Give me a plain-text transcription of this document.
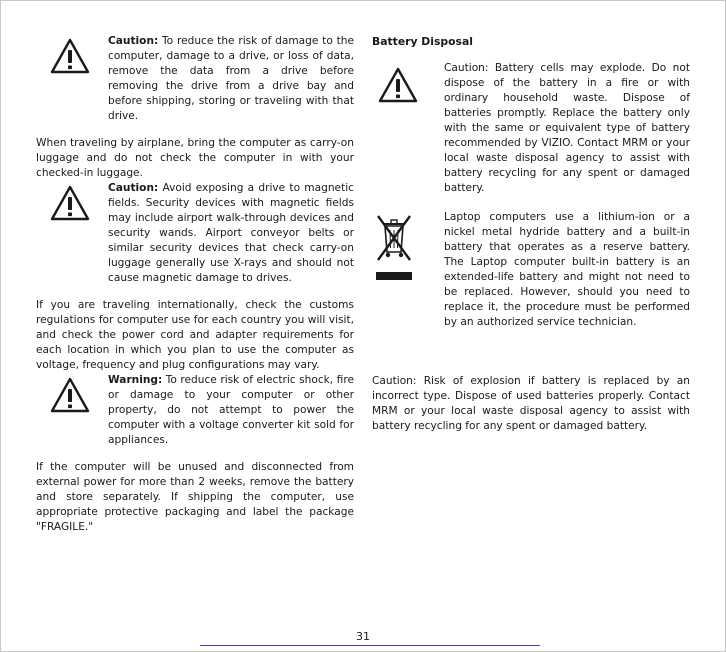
Caution: To reduce the risk of damage to the computer, damage to a drive, or loss of data, remove the data from a drive before removing the drive from a drive bay and before shipping, storing or traveling with that drive.

When traveling by airplane, bring the computer as carry-on luggage and do not check the computer in with your checked-in luggage.

Caution: Avoid exposing a drive to magnetic fields. Security devices with magnetic fields may include airport walk-through devices and security wands. Airport conveyor belts or similar security devices that check carry-on luggage generally use X-rays and should not cause magnetic damage to drives.

If you are traveling internationally, check the customs regulations for computer use for each country you will visit, and check the power cord and adapter requirements for each location in which you plan to use the computer as voltage, frequency and plug configurations may vary.

Warning: To reduce risk of electric shock, fire or damage to your computer or other property, do not attempt to power the computer with a voltage converter kit sold for appliances.

If the computer will be unused and disconnected from external power for more than 2 weeks, remove the battery and store separately. If shipping the computer, use appropriate protective packaging and label the package "FRAGILE."

Battery Disposal
Caution: Battery cells may explode. Do not dispose of the battery in a fire or with ordinary household waste. Dispose of batteries promptly. Replace the battery only with the same or equivalent type of battery recommended by VIZIO. Contact MRM or your local waste disposal agency to assist with battery recycling for any spent or damaged battery.
Laptop computers use a lithium-ion or a nickel metal hydride battery and a built-in battery that operates as a reserve battery. The Laptop computer built-in battery is an extended-life battery and might not need to be replaced. However, should you need to replace it, the procedure must be performed by an authorized service technician.

Caution: Risk of explosion if battery is replaced by an incorrect type. Dispose of used batteries properly. Contact MRM or your local waste disposal agency to assist with battery recycling for any spent or damaged battery.

31
